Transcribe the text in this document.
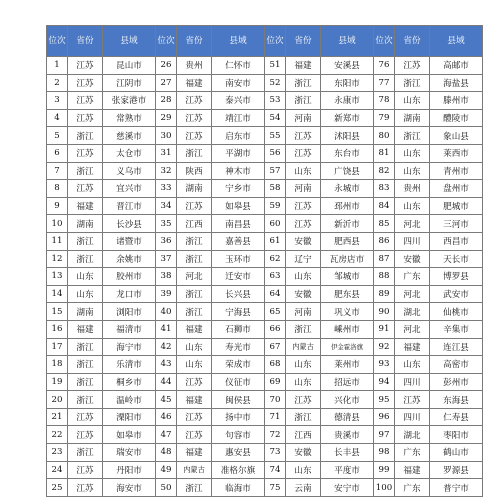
位次	省份	县域	位次	省份	县域	位次	省份	县域	位次	省份	县域
1	江苏	昆山市	26	贵州	仁怀市	51	福建	安溪县	76	江苏	高邮市
2	江苏	江阴市	27	福建	南安市	52	浙江	东阳市	77	浙江	海盐县
3	江苏	张家港市	28	江苏	泰兴市	53	浙江	永康市	78	山东	滕州市
4	江苏	常熟市	29	江苏	靖江市	54	河南	新郑市	79	湖南	醴陵市
5	浙江	慈溪市	30	江苏	启东市	55	江苏	沭阳县	80	浙江	象山县
6	江苏	太仓市	31	浙江	平湖市	56	江苏	东台市	81	山东	莱西市
7	浙江	义乌市	32	陕西	神木市	57	山东	广饶县	82	山东	青州市
8	江苏	宜兴市	33	湖南	宁乡市	58	河南	永城市	83	贵州	盘州市
9	福建	晋江市	34	江苏	如皋县	59	江苏	邳州市	84	山东	肥城市
10	湖南	长沙县	35	江西	南昌县	60	江苏	新沂市	85	河北	三河市
11	浙江	诸暨市	36	浙江	嘉善县	61	安徽	肥西县	86	四川	西昌市
12	浙江	余姚市	37	浙江	玉环市	62	辽宁	瓦房店市	87	安徽	天长市
13	山东	胶州市	38	河北	迁安市	63	山东	邹城市	88	广东	博罗县
14	山东	龙口市	39	浙江	长兴县	64	安徽	肥东县	89	河北	武安市
15	湖南	浏阳市	40	浙江	宁海县	65	河南	巩义市	90	湖北	仙桃市
16	福建	福清市	41	福建	石狮市	66	浙江	嵊州市	91	河北	辛集市
17	浙江	海宁市	42	山东	寿光市	67	内蒙古	伊金霍洛旗	92	福建	连江县
18	浙江	乐清市	43	山东	荣成市	68	山东	莱州市	93	山东	高密市
19	浙江	桐乡市	44	江苏	仪征市	69	山东	招远市	94	四川	彭州市
20	浙江	温岭市	45	福建	闽侯县	70	江苏	兴化市	95	江苏	东海县
21	江苏	溧阳市	46	江苏	扬中市	71	浙江	德清县	96	四川	仁寿县
22	江苏	如皋市	47	江苏	句容市	72	江西	贵溪市	97	湖北	枣阳市
23	浙江	瑞安市	48	福建	惠安县	73	安徽	长丰县	98	广东	鹤山市
24	江苏	丹阳市	49	内蒙古	准格尔旗	74	山东	平度市	99	福建	罗源县
25	江苏	海安市	50	浙江	临海市	75	云南	安宁市	100	广东	普宁市
